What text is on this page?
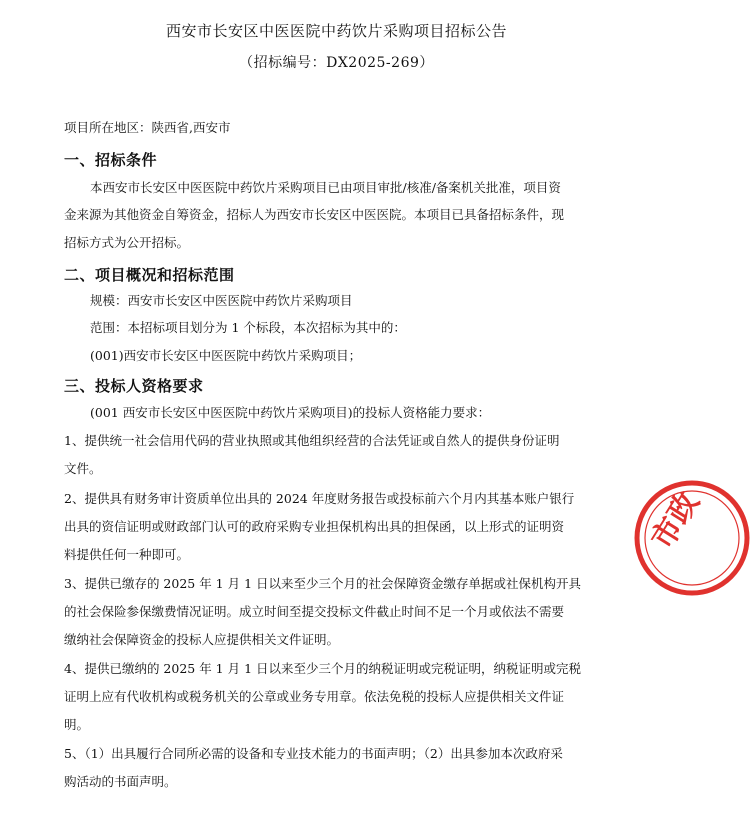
西安市长安区中医医院中药饮片采购项目招标公告
（招标编号：DX2025-269）
项目所在地区：陕西省,西安市
一、招标条件
本西安市长安区中医医院中药饮片采购项目已由项目审批/核准/备案机关批准，项目资
金来源为其他资金自筹资金，招标人为西安市长安区中医医院。本项目已具备招标条件，现
招标方式为公开招标。
二、项目概况和招标范围
规模：西安市长安区中医医院中药饮片采购项目
范围：本招标项目划分为 1 个标段，本次招标为其中的：
(001)西安市长安区中医医院中药饮片采购项目；
三、投标人资格要求
(001 西安市长安区中医医院中药饮片采购项目)的投标人资格能力要求：
1、提供统一社会信用代码的营业执照或其他组织经营的合法凭证或自然人的提供身份证明
文件。
2、提供具有财务审计资质单位出具的 2024 年度财务报告或投标前六个月内其基本账户银行
出具的资信证明或财政部门认可的政府采购专业担保机构出具的担保函，以上形式的证明资
料提供任何一种即可。
3、提供已缴存的 2025 年 1 月 1 日以来至少三个月的社会保障资金缴存单据或社保机构开具
的社会保险参保缴费情况证明。成立时间至提交投标文件截止时间不足一个月或依法不需要
缴纳社会保障资金的投标人应提供相关文件证明。
4、提供已缴纳的 2025 年 1 月 1 日以来至少三个月的纳税证明或完税证明，纳税证明或完税
证明上应有代收机构或税务机关的公章或业务专用章。依法免税的投标人应提供相关文件证
明。
5、（1）出具履行合同所必需的设备和专业技术能力的书面声明；（2）出具参加本次政府采
购活动的书面声明。
市政
